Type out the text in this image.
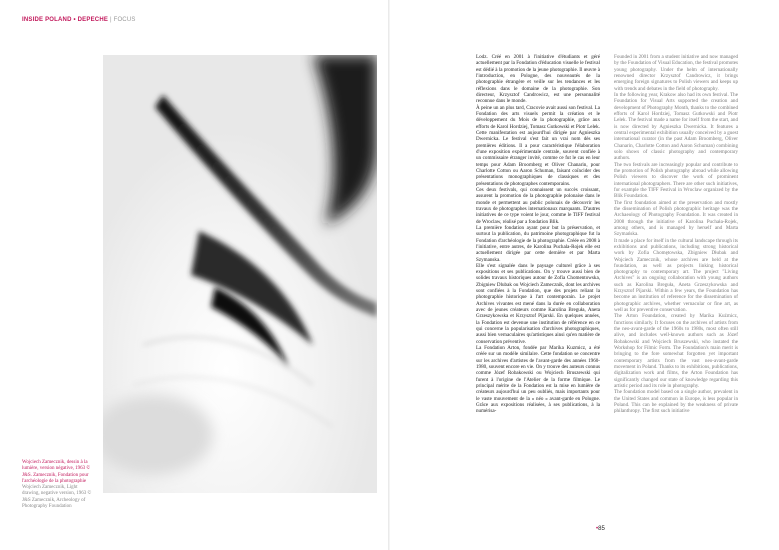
INSIDE POLAND • DEPECHE | FOCUS
Wojciech Zamecznik, dessin à la lumière, version négative, 1963 © J&S. Zamecznik, Fondation pour l'archéologie de la photographie
Wojciech Zamecznik, Light drawing, negative version, 1963 © J&S Zamecznik, Archeology of Photography Foundation

Lodz. Créé en 2001 à l'initiative d'étudiants et géré actuellement par la Fondation d'éducation visuelle le festival est dédié à la promotion de la jeune photographie. Il œuvre à l'introduction, en Pologne, des nouveautés de la photographie étrangère et veille sur les tendances et les réflexions dans le domaine de la photographie. Son directeur, Krzysztof Candrowicz, est une personnalité reconnue dans le monde.

À peine un an plus tard, Cracovie avait aussi son festival. La Fondation des arts visuels permit la création et le développement du Mois de la photographie, grâce aux efforts de Karol Hordziej, Tomasz Gutkowski et Piotr Lelek. Cette manifestation est aujourd'hui dirigée par Agnieszka Dwernicka. Le festival s'est fait un vrai nom dès ses premières éditions. Il a pour caractéristique l'élaboration d'une exposition expérimentale centrale, souvent confiée à un commissaire étranger invité, comme ce fut le cas en leur temps pour Adam Broomberg et Oliver Chanarin, pour Charlotte Cotton ou Aaron Schuman, faisant coïncider des présentations monographiques de classiques et des présentations de photographes contemporains.

Ces deux festivals, qui connaissent un succès croissant, assurent la promotion de la photographie polonaise dans le monde et permettent au public polonais de découvrir les travaux de photographes internationaux marquants. D'autres initiatives de ce type voient le jour, comme le TIFF festival de Wroclaw, réalisé par a fondation Blik.

La première fondation ayant pour but la préservation, et surtout la publication, du patrimoine photographique fut la Fondation d'archéologie de la photographie. Créée en 2008 à l'initiative, entre autres, de Karolina Puchala-Rojek elle est actuellement dirigée par cette dernière et par Marta Szymanska.

Elle s'est signalée dans le paysage culturel grâce à ses expositions et ses publications. On y trouve aussi bien de solides travaux historiques autour de Zofia Chomentowska, Zbigniew Dlubak ou Wojciech Zamecznik, dont les archives sont confiées à la Fondation, que des projets reliant la photographie historique à l'art contemporain. Le projet Archives vivantes est mené dans la durée en collaboration avec de jeunes créateurs comme Karolina Breguła, Aneta Grzeszykowska et Krzysztof Pijarski. En quelques années, la Fondation est devenue une institution de référence en ce qui concerne la popularisation d'archives photographiques, aussi bien vernaculaires qu'artistiques ainsi qu'en matière de conservation préventive.

La Fondation Arton, fondée par Marika Kuzmicz, a été créée sur un modèle similaire. Cette fondation se concentre sur les archives d'artistes de l'avant-garde des années 1960-1980, souvent encore en vie. On y trouve des auteurs connus comme Józef Robakowski ou Wojciech Bruszewski qui furent à l'origine de l'Atelier de la forme filmique. Le principal mérite de la Fondation est la mise en lumière de créateurs aujourd'hui un peu oubliés, mais importants pour le vaste mouvement de la « néo » avant-garde en Pologne. Grâce aux expositions réalisées, à ses publications, à la numérisa-

Founded in 2001 from a student initiative and now managed by the Foundation of Visual Education, the festival promotes young photography. Under the helm of internationally renowned director Krzysztof Candrowicz, it brings emerging foreign signatures to Polish viewers and keeps up with trends and debates in the field of photography.

In the following year, Krakow also had its own festival. The Foundation for Visual Arts supported the creation and development of Photography Month, thanks to the combined efforts of Karol Hordziej, Tomasz Gutkowski and Piotr Lelek. The festival made a name for itself from the start, and is now directed by Agnieszka Dwernicka. It features a central experimental exhibition usually conceived by a guest international curator (in the past Adam Broomberg, Oliver Chanarin, Charlotte Cotton and Aaron Schuman) combining solo shows of classic photography and contemporary authors.

The two festivals are increasingly popular and contribute to the promotion of Polish photography abroad while allowing Polish viewers to discover the work of prominent international photographers. There are other such initiatives, for example the TIFF Festival in Wroclaw organized by the Blik Foundation.

The first foundation aimed at the preservation and mostly the dissemination of Polish photographic heritage was the Archaeology of Photography Foundation. It was created in 2008 through the initiative of Karolina Puchała-Rojek, among others, and is managed by herself and Marta Szymańska.

It made a place for itself in the cultural landscape through its exhibitions and publications, including strong historical work by Zofia Chomętowska, Zbigniew Dłubak and Wojciech Zamecznik, whose archives are held at the foundation, as well as projects linking historical photography to contemporary art. The project "Living Archives" is an ongoing collaboration with young authors such as Karolina Breguła, Aneta Grzeszykowska and Krzysztof Pijarski. Within a few years, the Foundation has become an institution of reference for the dissemination of photographic archives, whether vernacular or fine art, as well as for preventive conservation.

The Arton Foundation, created by Marika Kuźmicz, functions similarly. It focuses on the archives of artists from the neo-avant-garde of the 1960s to 1980s, most often still alive, and includes well-known authors such as Józef Robakowski and Wojciech Bruszewski, who instated the Workshop for Filmic Form. The Foundation's main merit is bringing to the fore somewhat forgotten yet important contemporary artists from the vast neo-avant-garde movement in Poland. Thanks to its exhibitions, publications, digitalization work and films, the Arton Foundation has significantly changed our state of knowledge regarding this artistic period and its role in photography.

The foundation model based on a single author, prevalent in the United States and common in Europe, is less popular in Poland. This can be explained by the weakness of private philanthropy. The first such initiative

•85
